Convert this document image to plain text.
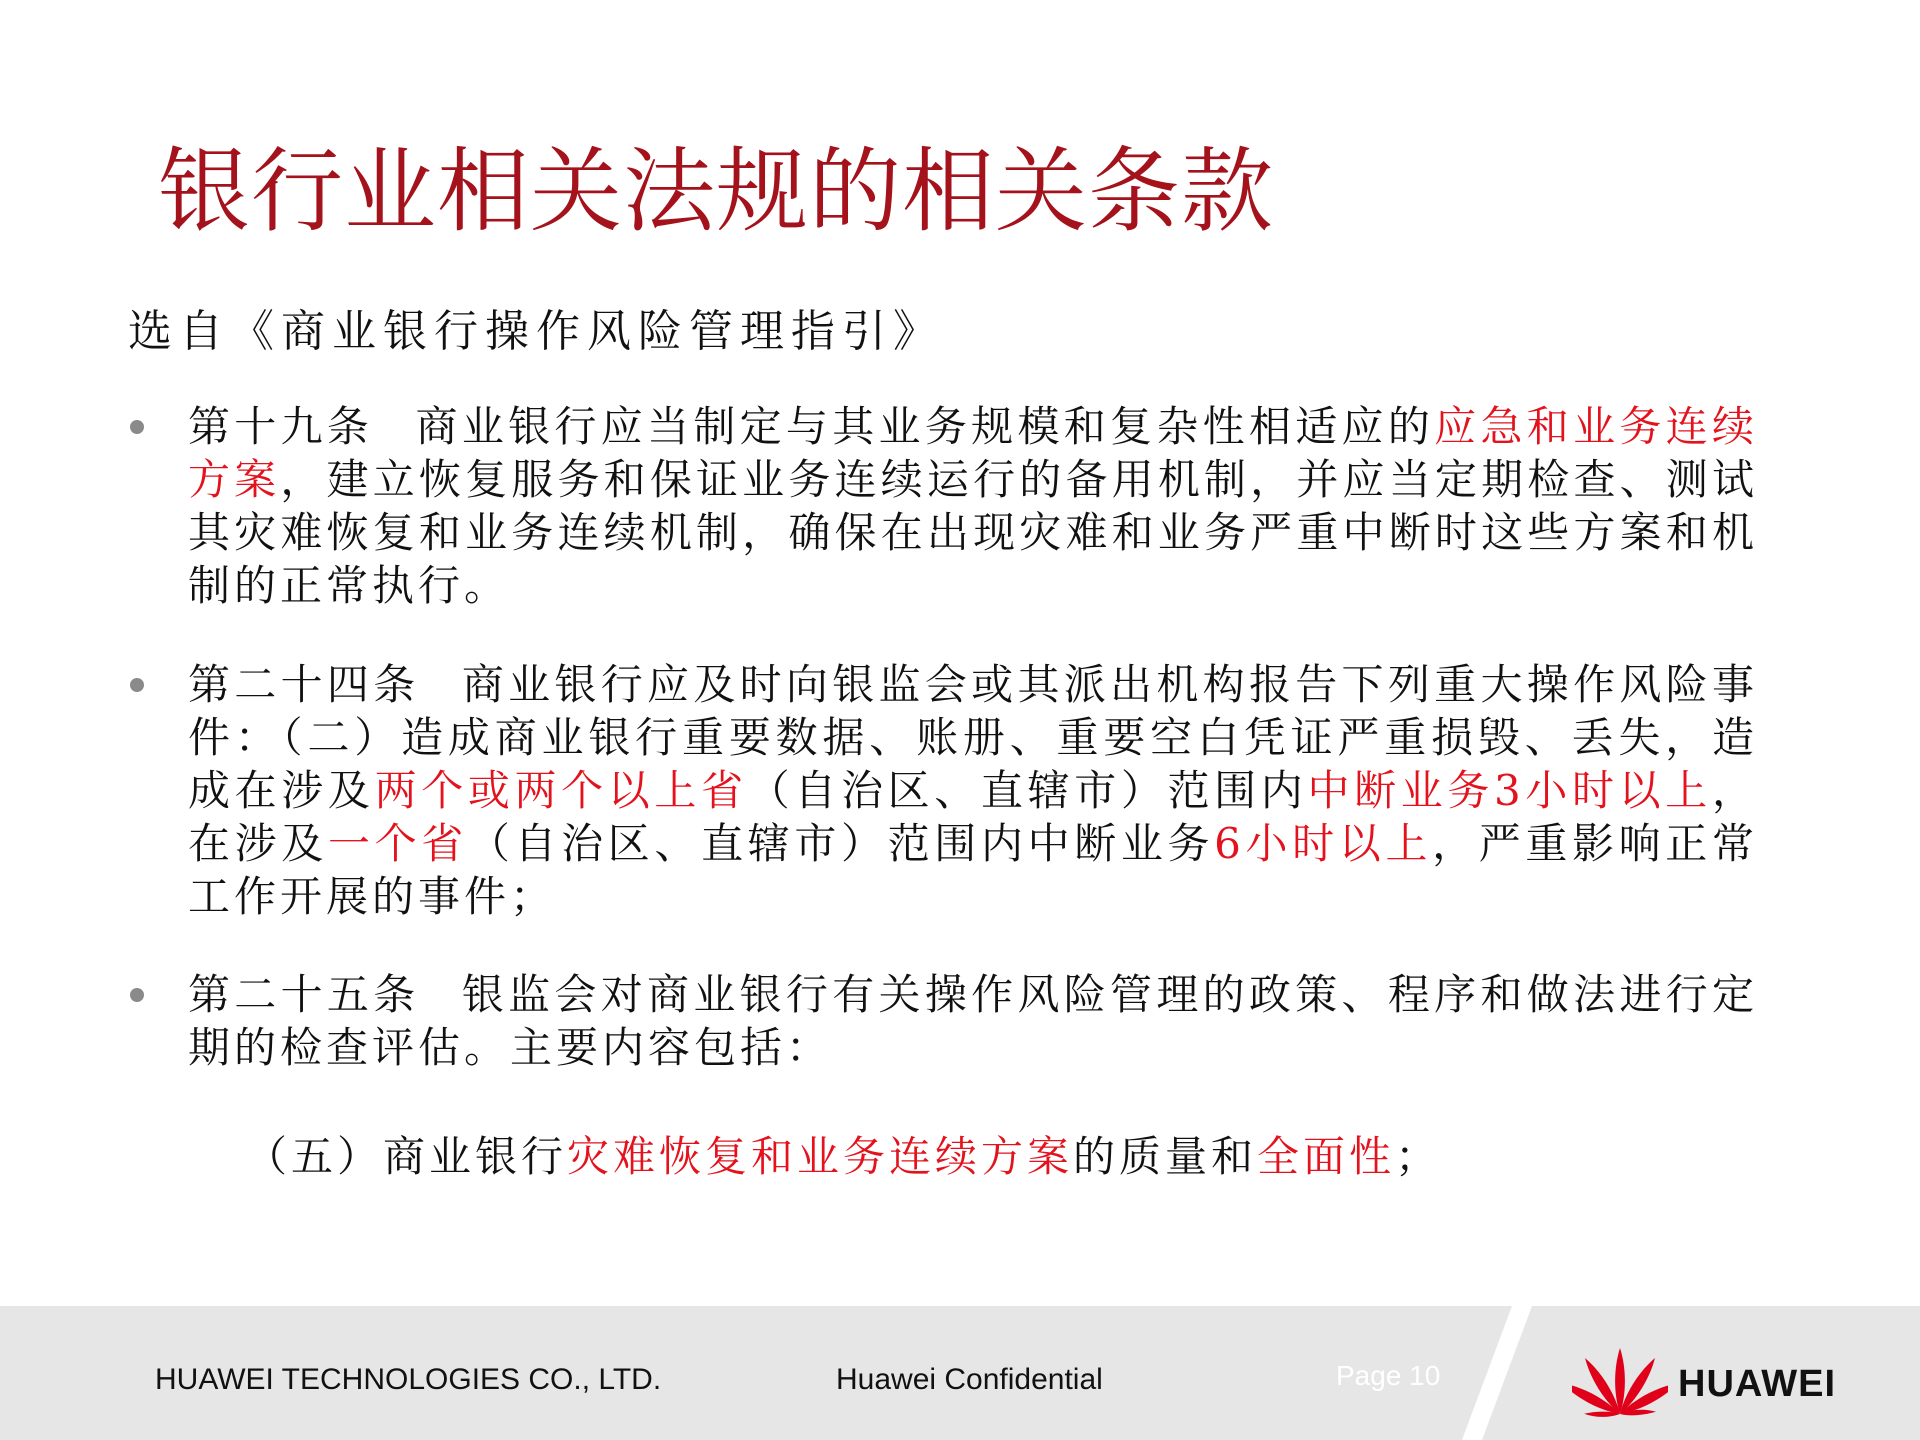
银行业相关法规的相关条款
选自《商业银行操作风险管理指引》
第十九条 商业银行应当制定与其业务规模和复杂性相适应的应急和业务连续方案，建立恢复服务和保证业务连续运行的备用机制，并应当定期检查、测试其灾难恢复和业务连续机制，确保在出现灾难和业务严重中断时这些方案和机制的正常执行。
第二十四条 商业银行应及时向银监会或其派出机构报告下列重大操作风险事件：（二）造成商业银行重要数据、账册、重要空白凭证严重损毁、丢失，造成在涉及两个或两个以上省（自治区、直辖市）范围内中断业务3小时以上，在涉及一个省（自治区、直辖市）范围内中断业务6小时以上，严重影响正常工作开展的事件；
第二十五条 银监会对商业银行有关操作风险管理的政策、程序和做法进行定期的检查评估。主要内容包括：
（五）商业银行灾难恢复和业务连续方案的质量和全面性；
HUAWEI TECHNOLOGIES CO., LTD.	Huawei Confidential	Page 10	HUAWEI
